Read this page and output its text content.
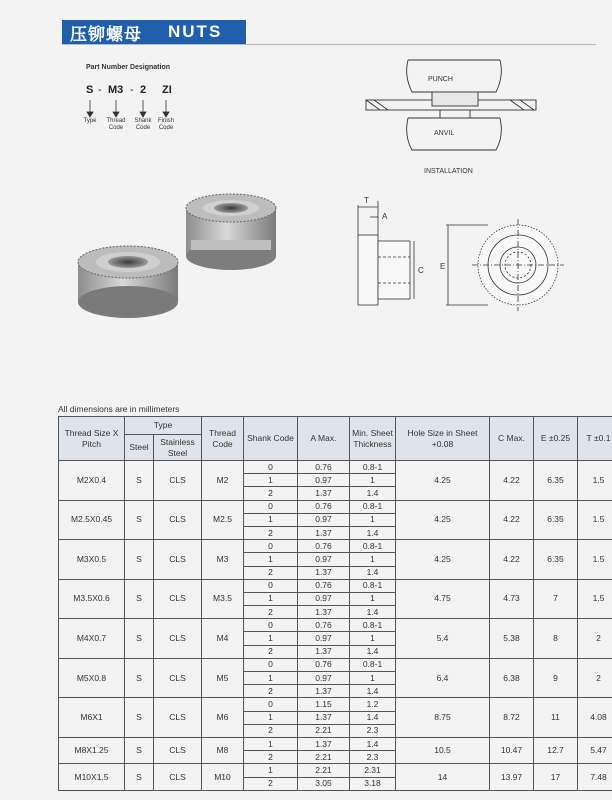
压铆螺母 NUTS
Part Number Designation
S - M3 - 2 ZI
Type	Thread Code
Shank Code
Finish Code
PUNCH
ANVIL
INSTALLATION
T
A
C E
All dimensions are in millimeters
Thread Size X Pitch	Type		Thread Code	Shank Code	A Max.	Min. Sheet Thickness	Hole Size in Sheet +0.08	C Max.	E ±0.25	T ±0.1
	Steel	Stainless Steel								
M2X0.4	S	CLS	M2	0	0.76	0.8-1	4.25	4.22	6.35	1.5
				1	0.97	1				
				2	1.37	1.4				
M2.5X0.45	S	CLS	M2.5	0	0.76	0.8-1	4.25	4.22	6.35	1.5
				1	0.97	1				
				2	1.37	1.4				
M3X0.5	S	CLS	M3	0	0.76	0.8-1	4.25	4.22	6.35	1.5
				1	0.97	1				
				2	1.37	1.4				
M3.5X0.6	S	CLS	M3.5	0	0.76	0.8-1	4.75	4.73	7	1.5
				1	0.97	1				
				2	1.37	1.4				
M4X0.7	S	CLS	M4	0	0.76	0.8-1	5.4	5.38	8	2
				1	0.97	1				
				2	1.37	1.4				
M5X0.8	S	CLS	M5	0	0.76	0.8-1	6.4	6.38	9	2
				1	0.97	1				
				2	1.37	1.4				
M6X1	S	CLS	M6	0	1.15	1.2	8.75	8.72	11	4.08
				1	1.37	1.4				
				2	2.21	2.3				
M8X1.25	S	CLS	M8	1	1.37	1.4	10.5	10.47	12.7	5.47
				2	2.21	2.3				
M10X1.5	S	CLS	M10	1	2.21	2.31	14	13.97	17	7.48
				2	3.05	3.18				
